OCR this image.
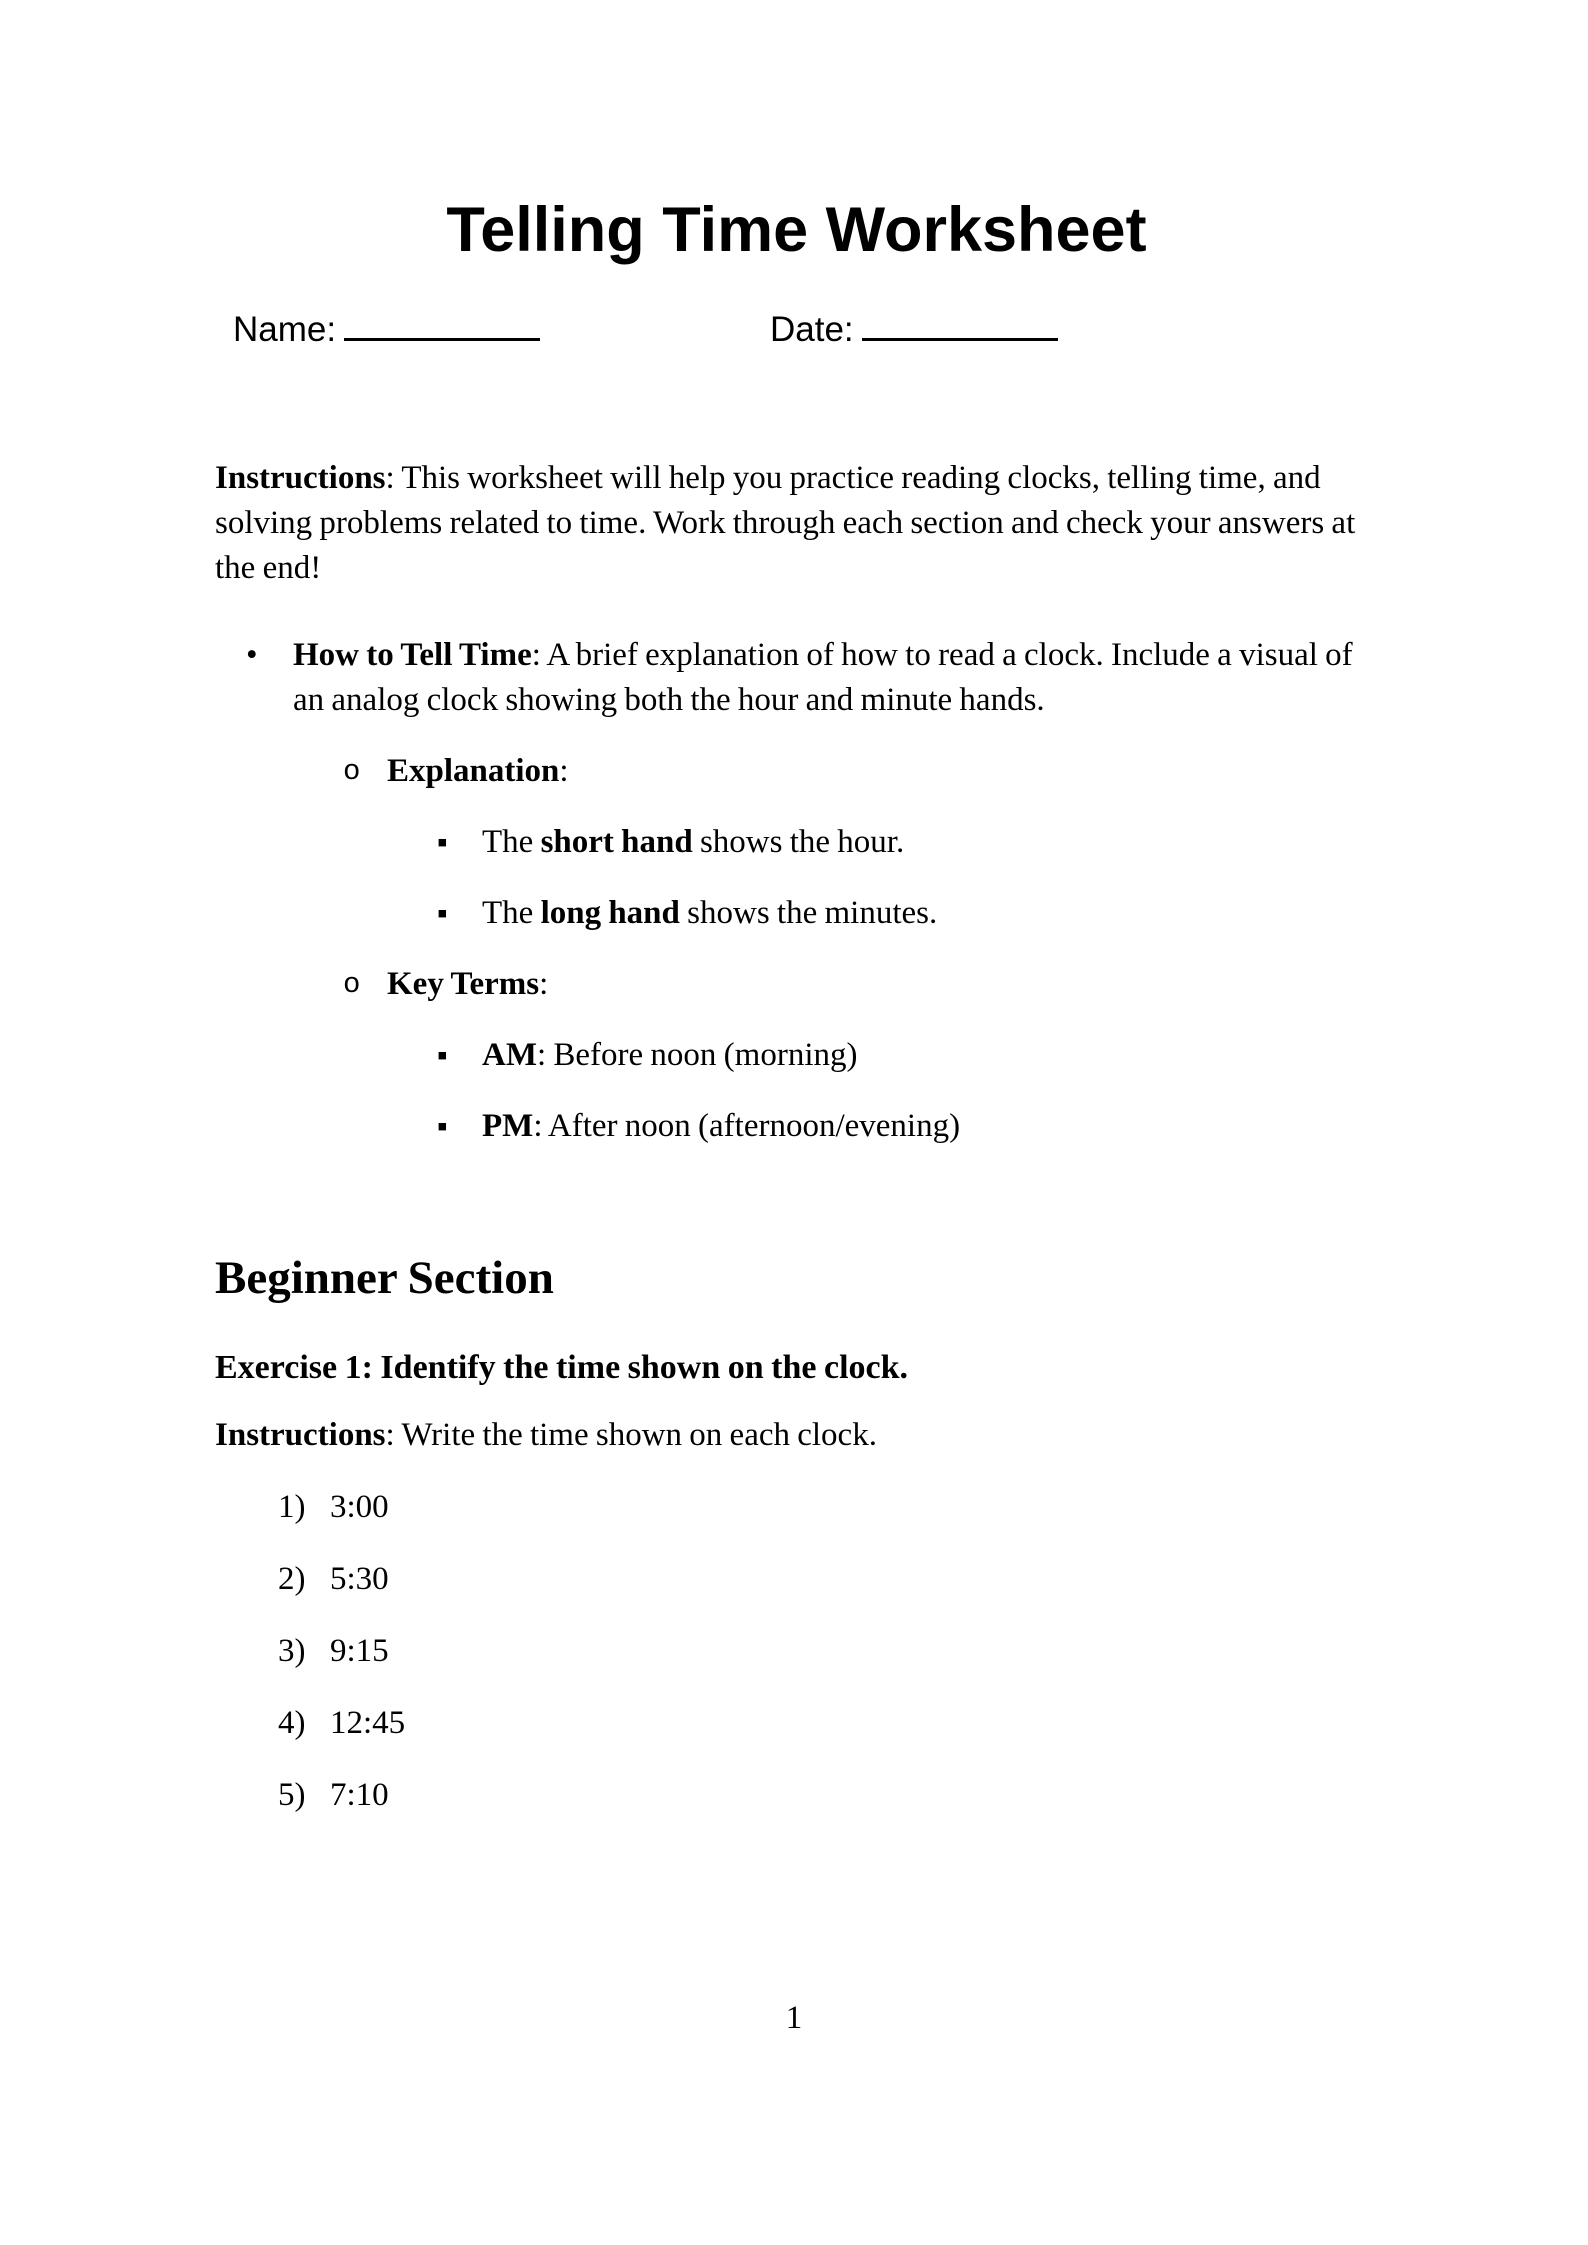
Telling Time Worksheet
Name:	Date:

Instructions: This worksheet will help you practice reading clocks, telling time, and solving problems related to time. Work through each section and check your answers at the end!

•	How to Tell Time: A brief explanation of how to read a clock. Include a visual of an analog clock showing both the hour and minute hands.
o Explanation:
▪	The short hand shows the hour.
▪	The long hand shows the minutes.
o Key Terms:
▪	AM: Before noon (morning)
▪	PM: After noon (afternoon/evening)
Beginner Section
Exercise 1: Identify the time shown on the clock.

Instructions: Write the time shown on each clock.

1) 3:00
2) 5:30
3) 9:15
4) 12:45
5) 7:10
1
